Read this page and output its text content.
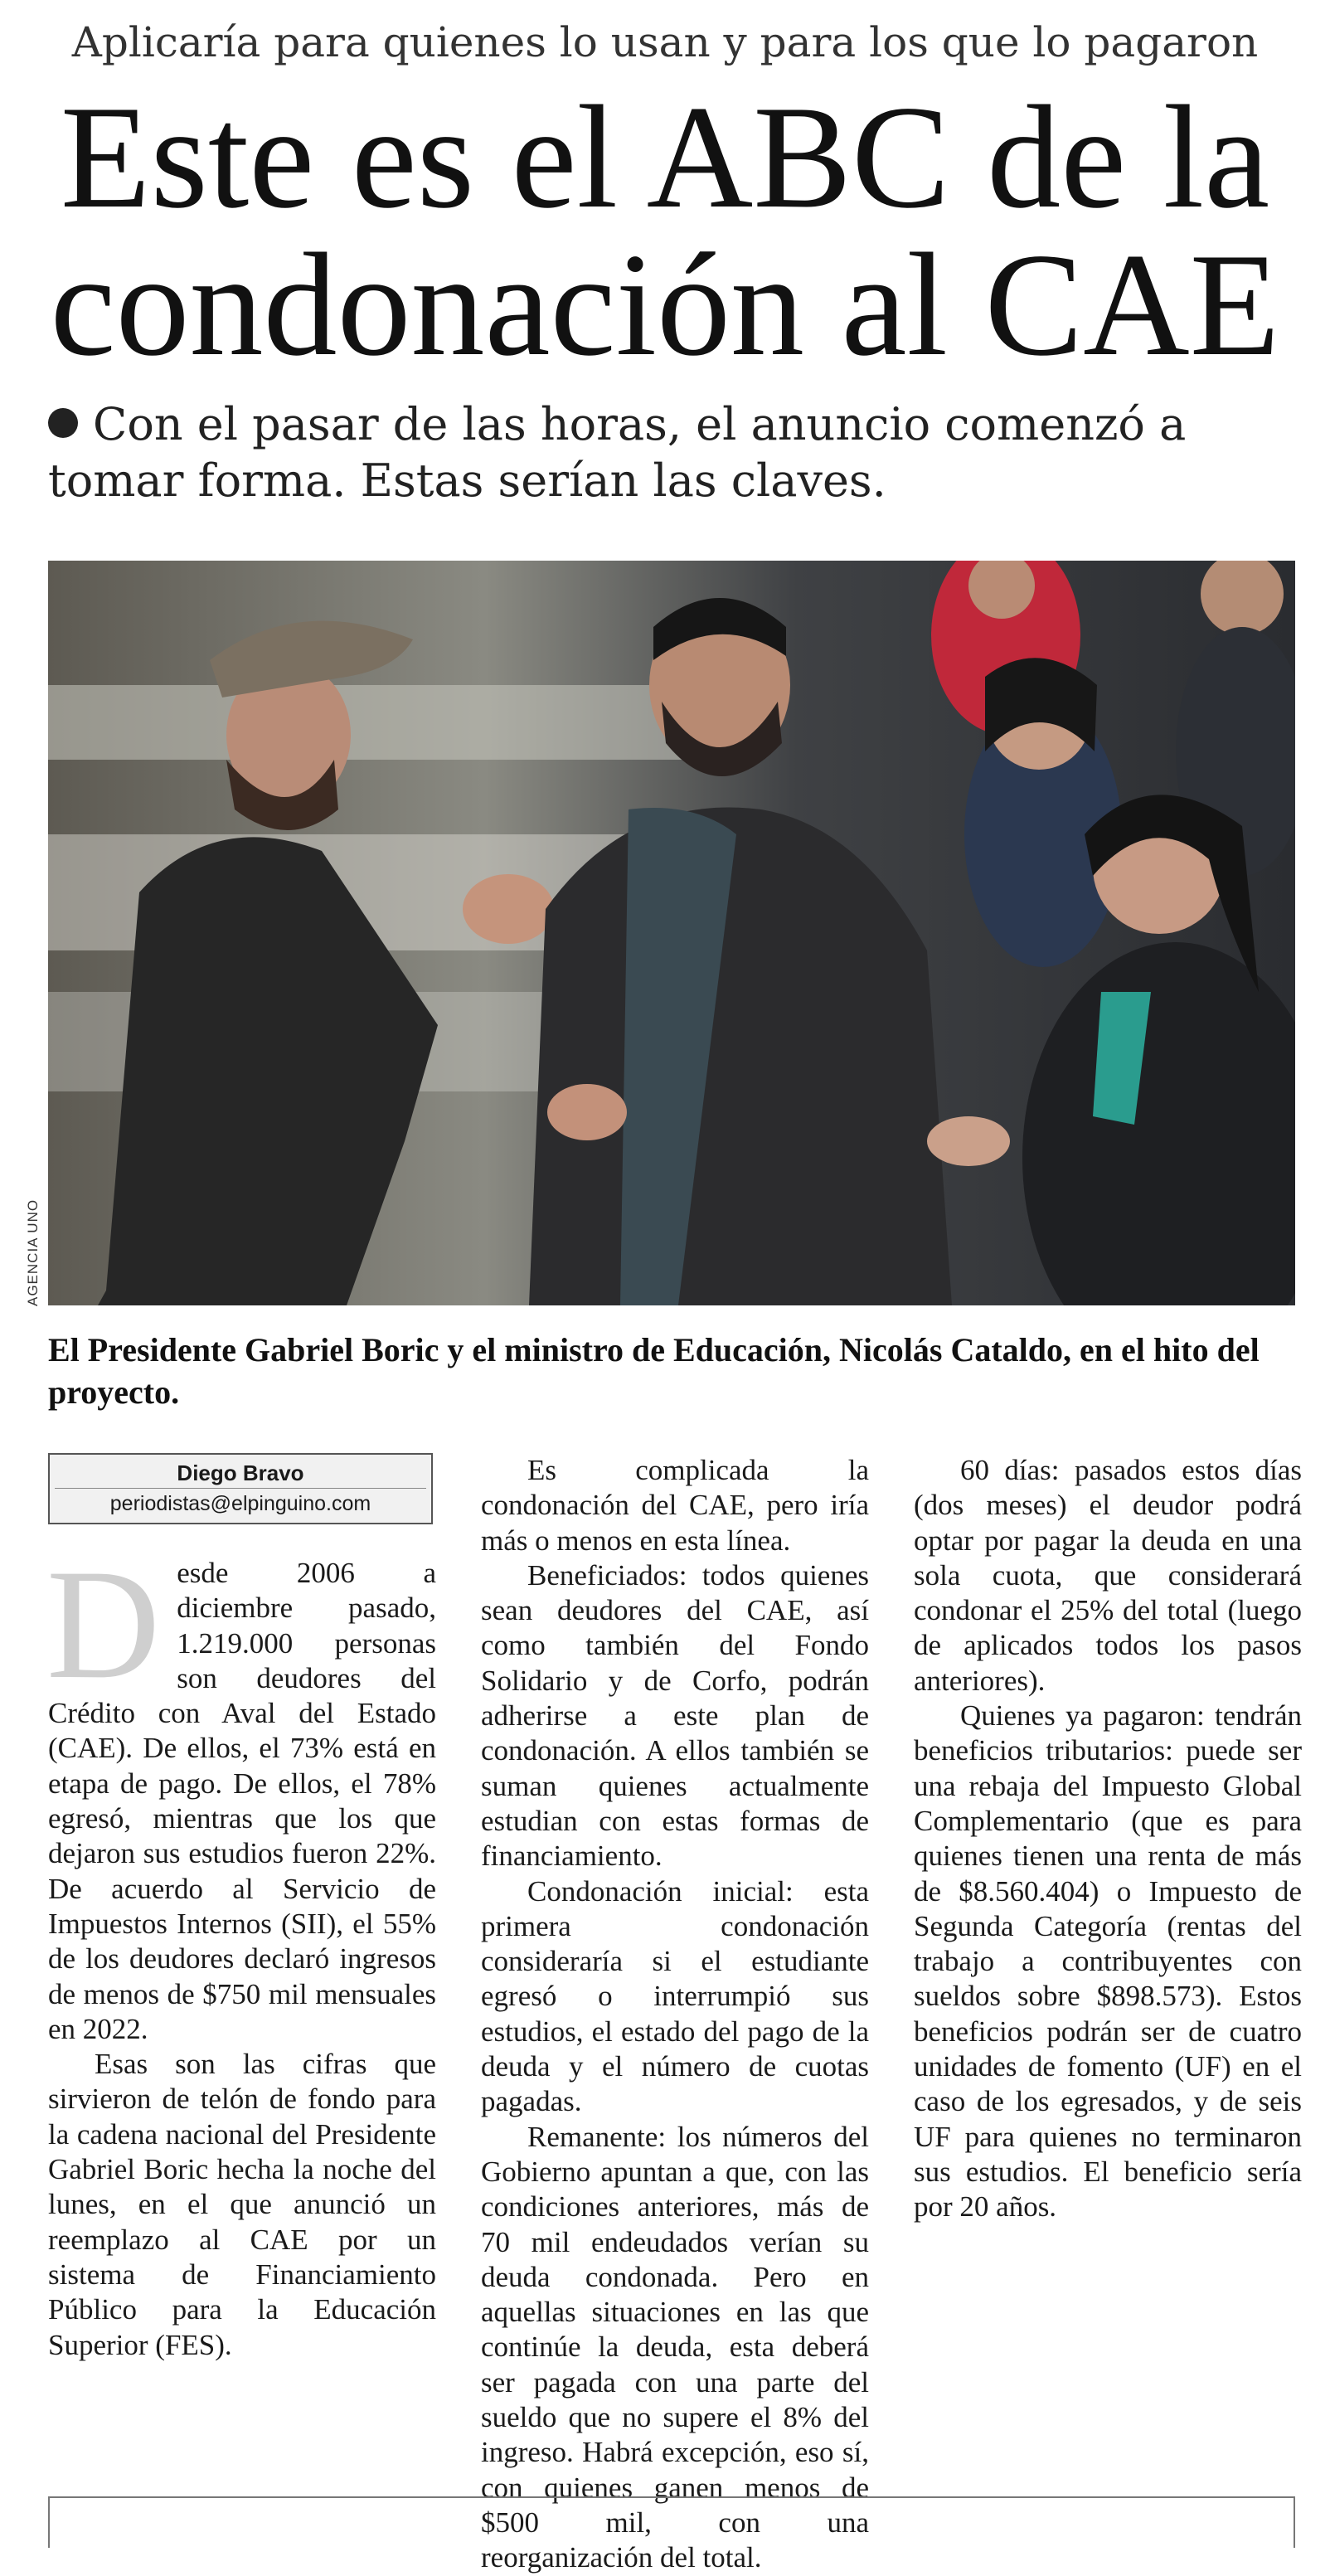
Aplicaría para quienes lo usan y para los que lo pagaron
Este es el ABC de la
condonación al CAE
Con el pasar de las horas, el anuncio comenzó a tomar forma. Estas serían las claves.
AGENCIA UNO
El Presidente Gabriel Boric y el ministro de Educación, Nicolás Cataldo, en el hito del proyecto.
Diego Bravo
periodistas@elpinguino.com

Desde 2006 a diciembre pasado, 1.219.000 personas son deudores del Crédito con Aval del Estado (CAE). De ellos, el 73% está en etapa de pago. De ellos, el 78% egresó, mientras que los que dejaron sus estudios fueron 22%. De acuerdo al Servicio de Impuestos Internos (SII), el 55% de los deudores declaró ingresos de menos de $750 mil mensuales en 2022.

Esas son las cifras que sirvieron de telón de fondo para la cadena nacional del Presidente Gabriel Boric hecha la noche del lunes, en el que anunció un reemplazo al CAE por un sistema de Financiamiento Público para la Educación Superior (FES).

Es complicada la condonación del CAE, pero iría más o menos en esta línea.

Beneficiados: todos quienes sean deudores del CAE, así como también del Fondo Solidario y de Corfo, podrán adherirse a este plan de condonación. A ellos también se suman quienes actualmente estudian con estas formas de financiamiento.

Condonación inicial: esta primera condonación consideraría si el estudiante egresó o interrumpió sus estudios, el estado del pago de la deuda y el número de cuotas pagadas.

Remanente: los números del Gobierno apuntan a que, con las condiciones anteriores, más de 70 mil endeudados verían su deuda condonada. Pero en aquellas situaciones en las que continúe la deuda, esta deberá ser pagada con una parte del sueldo que no supere el 8% del ingreso. Habrá excepción, eso sí, con quienes ganen menos de $500 mil, con una reorganización del total.

60 días: pasados estos días (dos meses) el deudor podrá optar por pagar la deuda en una sola cuota, que considerará condonar el 25% del total (luego de aplicados todos los pasos anteriores).

Quienes ya pagaron: tendrán beneficios tributarios: puede ser una rebaja del Impuesto Global Complementario (que es para quienes tienen una renta de más de $8.560.404) o Impuesto de Segunda Categoría (rentas del trabajo a contribuyentes con sueldos sobre $898.573). Estos beneficios podrán ser de cuatro unidades de fomento (UF) en el caso de los egresados, y de seis UF para quienes no terminaron sus estudios. El beneficio sería por 20 años.
